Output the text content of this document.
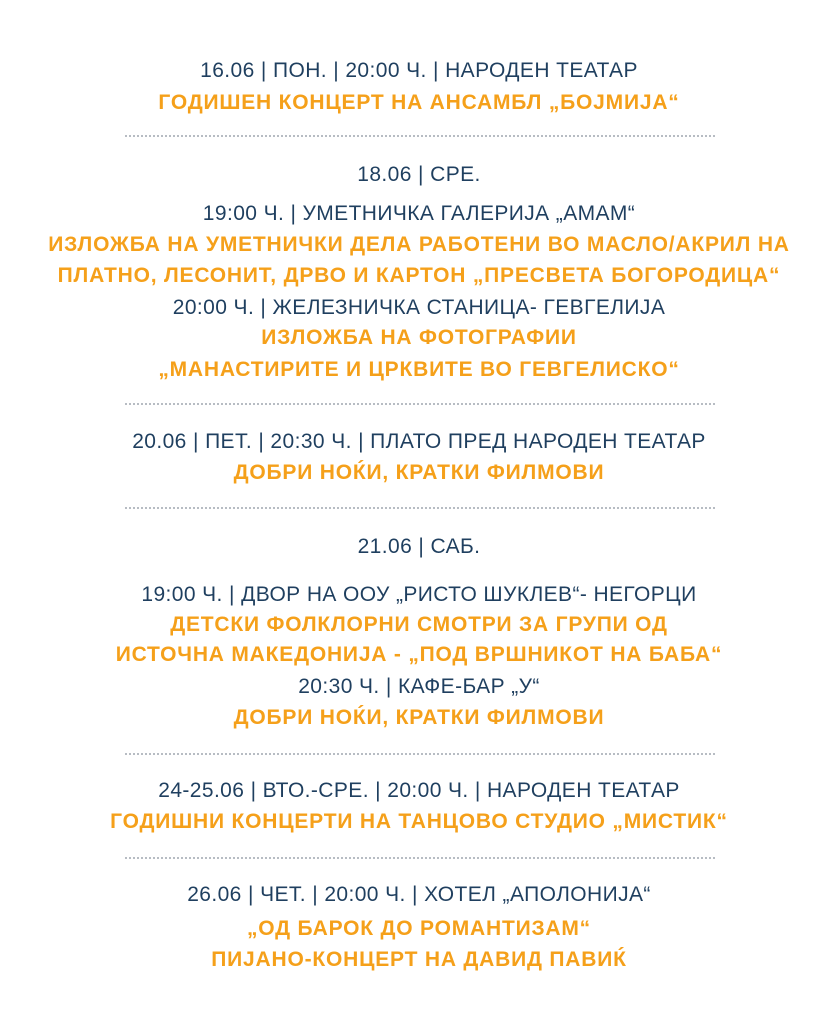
16.06 | ПОН. | 20:00 Ч. | НАРОДЕН ТЕАТАР
ГОДИШЕН КОНЦЕРТ НА АНСАМБЛ „БОЈМИЈА“
18.06 | СРЕ.
19:00 Ч. | УМЕТНИЧКА ГАЛЕРИЈА „АМАМ“
ИЗЛОЖБА НА УМЕТНИЧКИ ДЕЛА РАБОТЕНИ ВО МАСЛО/АКРИЛ НА
ПЛАТНО, ЛЕСОНИТ, ДРВО И КАРТОН „ПРЕСВЕТА БОГОРОДИЦА“
20:00 Ч. | ЖЕЛЕЗНИЧКА СТАНИЦА- ГЕВГЕЛИЈА
ИЗЛОЖБА НА ФОТОГРАФИИ
„МАНАСТИРИТЕ И ЦРКВИТЕ ВО ГЕВГЕЛИСКО“
20.06 | ПЕТ. | 20:30 Ч. | ПЛАТО ПРЕД НАРОДЕН ТЕАТАР
ДОБРИ НОЌИ, КРАТКИ ФИЛМОВИ
21.06 | САБ.
19:00 Ч. | ДВОР НА ООУ „РИСТО ШУКЛЕВ“- НЕГОРЦИ
ДЕТСКИ ФОЛКЛОРНИ СМОТРИ ЗА ГРУПИ ОД
ИСТОЧНА МАКЕДОНИЈА - „ПОД ВРШНИКОТ НА БАБА“
20:30 Ч. | КАФЕ-БАР „У“
ДОБРИ НОЌИ, КРАТКИ ФИЛМОВИ
24-25.06 | ВТО.-СРЕ. | 20:00 Ч. | НАРОДЕН ТЕАТАР
ГОДИШНИ КОНЦЕРТИ НА ТАНЦОВО СТУДИО „МИСТИК“
26.06 | ЧЕТ. | 20:00 Ч. | ХОТЕЛ „АПОЛОНИЈА“
„ОД БАРОК ДО РОМАНТИЗАМ“
ПИЈАНО-КОНЦЕРТ НА ДАВИД ПАВИЌ
